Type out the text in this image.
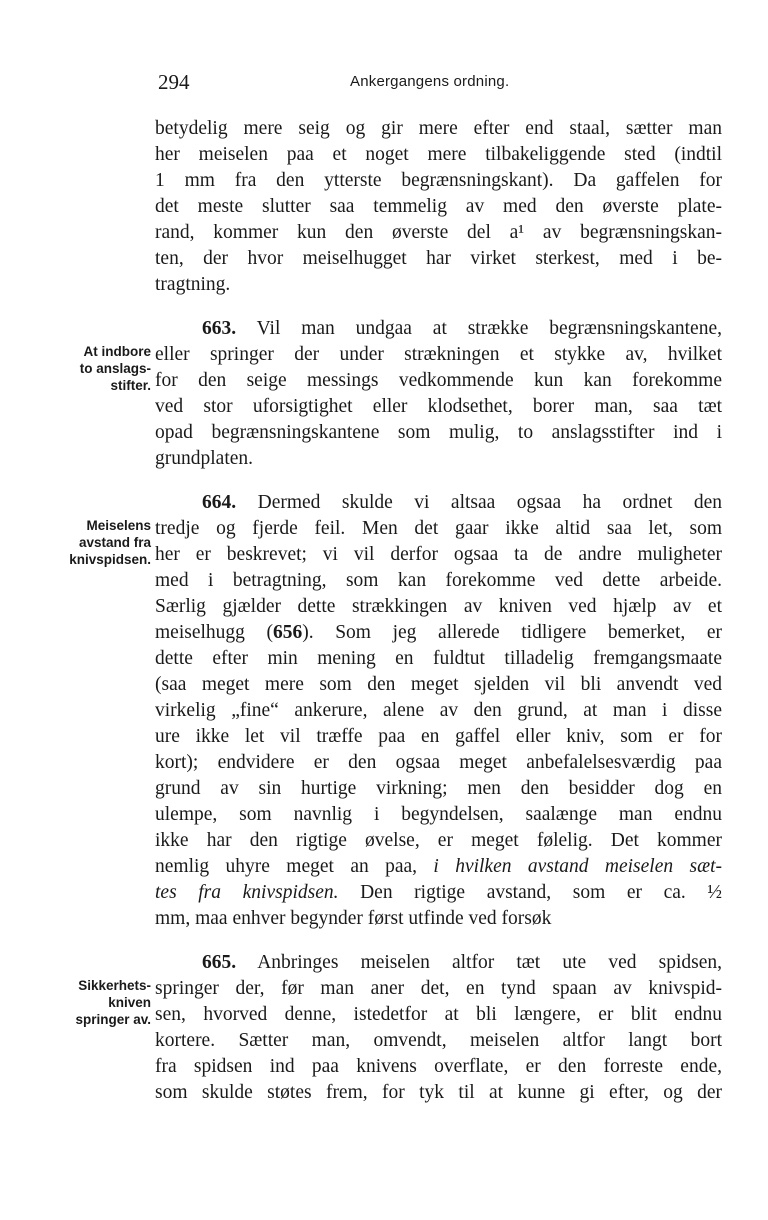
294	Ankergangens ordning.
betydelig mere seig og gir mere efter end staal, sætter man
her meiselen paa et noget mere tilbakeliggende sted (indtil
1 mm fra den ytterste begrænsningskant). Da gaffelen for
det meste slutter saa temmelig av med den øverste plate-
rand, kommer kun den øverste del a¹ av begrænsningskan-
ten, der hvor meiselhugget har virket sterkest, med i be-
tragtning.
663. Vil man undgaa at strække begrænsningskantene,
eller springer der under strækningen et stykke av, hvilket
for den seige messings vedkommende kun kan forekomme
ved stor uforsigtighet eller klodsethet, borer man, saa tæt
opad begrænsningskantene som mulig, to anslagsstifter ind i
grundplaten.
At indbore
to anslags-
stifter.
664. Dermed skulde vi altsaa ogsaa ha ordnet den
tredje og fjerde feil. Men det gaar ikke altid saa let, som
her er beskrevet; vi vil derfor ogsaa ta de andre muligheter
med i betragtning, som kan forekomme ved dette arbeide.
Særlig gjælder dette strækkingen av kniven ved hjælp av et
meiselhugg (656). Som jeg allerede tidligere bemerket, er
dette efter min mening en fuldtut tilladelig fremgangsmaate
(saa meget mere som den meget sjelden vil bli anvendt ved
virkelig „fine“ ankerure, alene av den grund, at man i disse
ure ikke let vil træffe paa en gaffel eller kniv, som er for
kort); endvidere er den ogsaa meget anbefalelsesværdig paa
grund av sin hurtige virkning; men den besidder dog en
ulempe, som navnlig i begyndelsen, saalænge man endnu
ikke har den rigtige øvelse, er meget følelig. Det kommer
nemlig uhyre meget an paa, i hvilken avstand meiselen sæt-
tes fra knivspidsen. Den rigtige avstand, som er ca. ½
mm, maa enhver begynder først utfinde ved forsøk
Meiselens
avstand fra
knivspidsen.
665. Anbringes meiselen altfor tæt ute ved spidsen,
springer der, før man aner det, en tynd spaan av knivspid-
sen, hvorved denne, istedetfor at bli længere, er blit endnu
kortere. Sætter man, omvendt, meiselen altfor langt bort
fra spidsen ind paa knivens overflate, er den forreste ende,
som skulde støtes frem, for tyk til at kunne gi efter, og der
Sikkerhets-
kniven
springer av.
